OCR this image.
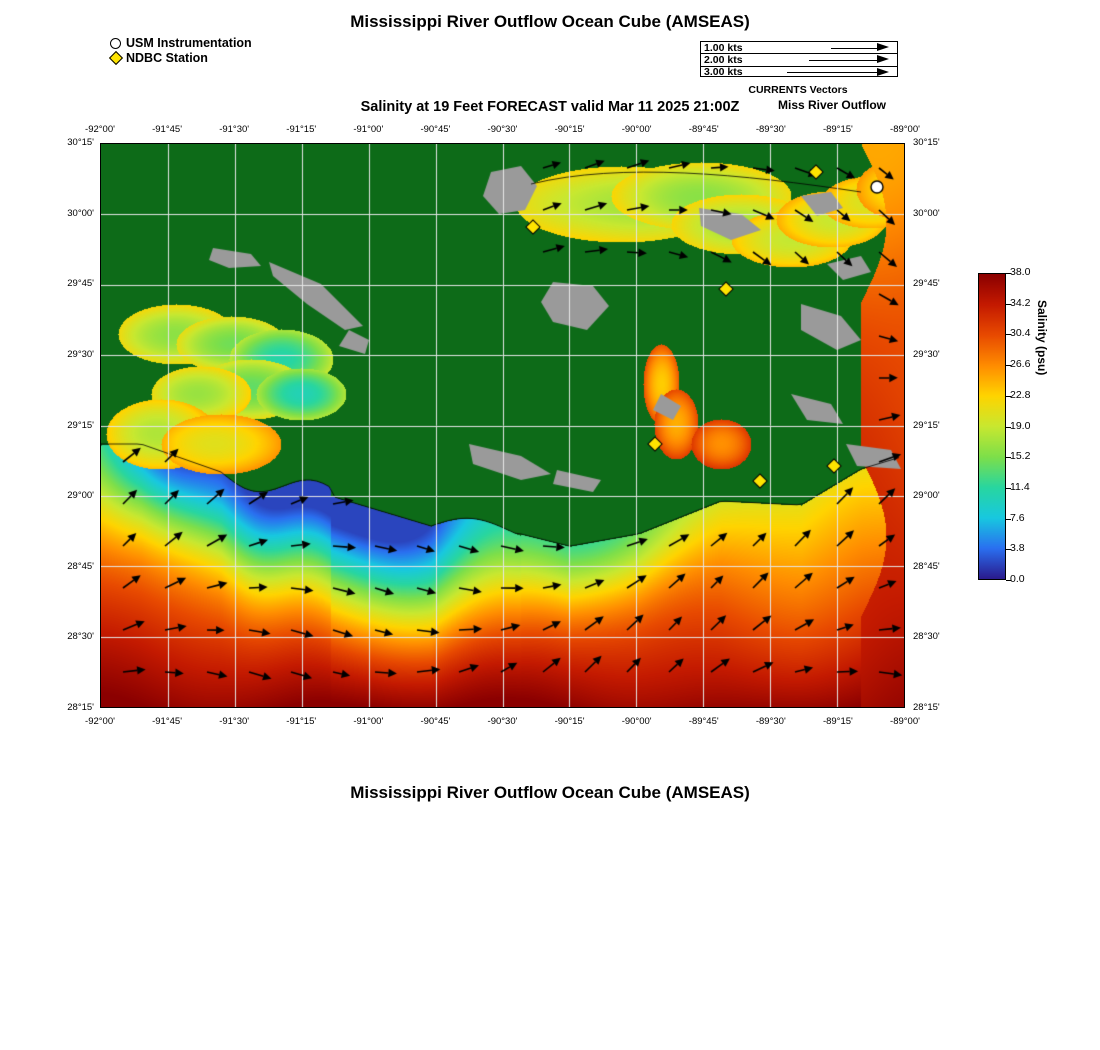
Mississippi River Outflow Ocean Cube (AMSEAS)
Salinity at 19 Feet FORECAST valid Mar 11 2025 21:00Z
Mississippi River Outflow Ocean Cube (AMSEAS)
USM Instrumentation
NDBC Station
1.00 kts
2.00 kts
3.00 kts
CURRENTS Vectors
Miss River Outflow
-92°00'
-92°00'
-91°45'
-91°45'
-91°30'
-91°30'
-91°15'
-91°15'
-91°00'
-91°00'
-90°45'
-90°45'
-90°30'
-90°30'
-90°15'
-90°15'
-90°00'
-90°00'
-89°45'
-89°45'
-89°30'
-89°30'
-89°15'
-89°15'
-89°00'
-89°00'
30°15'	30°15'
30°00'	30°00'
29°45'	29°45'
29°30'	29°30'
29°15'	29°15'
29°00'	29°00'
28°45'	28°45'
28°30'	28°30'
28°15'	28°15'
38.0
34.2
30.4
26.6
22.8
19.0
15.2
11.4
7.6
3.8
0.0
Salinity (psu)
